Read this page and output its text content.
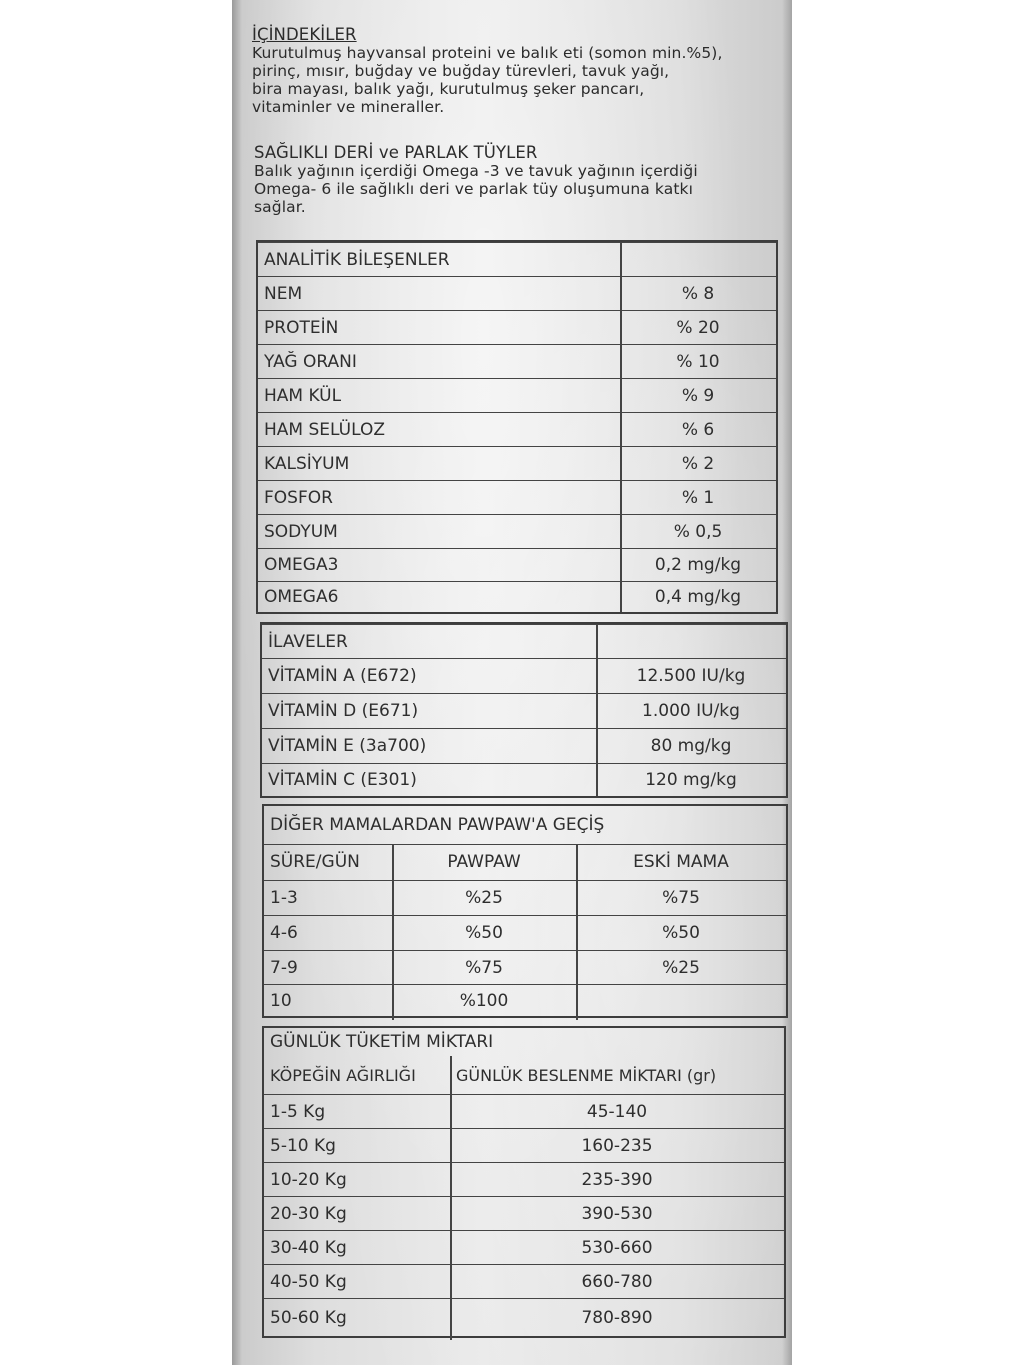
İÇİNDEKİLER
Kurutulmuş hayvansal proteini ve balık eti (somon min.%5),
pirinç, mısır, buğday ve buğday türevleri, tavuk yağı,
bira mayası, balık yağı, kurutulmuş şeker pancarı,
vitaminler ve mineraller.
SAĞLIKLI DERİ ve PARLAK TÜYLER
Balık yağının içerdiği Omega -3 ve tavuk yağının içerdiği
Omega- 6 ile sağlıklı deri ve parlak tüy oluşumuna katkı
sağlar.
ANALİTİK BİLEŞENLER
NEM	% 8
PROTEİN	% 20
YAĞ ORANI	% 10
HAM KÜL	% 9
HAM SELÜLOZ	% 6
KALSİYUM	% 2
FOSFOR	% 1
SODYUM	% 0,5
OMEGA3	0,2 mg/kg
OMEGA6	0,4 mg/kg
İLAVELER
VİTAMİN A (E672)	12.500 IU/kg
VİTAMİN D (E671)	1.000 IU/kg
VİTAMİN E (3a700)	80 mg/kg
VİTAMİN C (E301)	120 mg/kg
DİĞER MAMALARDAN PAWPAW'A GEÇİŞ
SÜRE/GÜN	PAWPAW	ESKİ MAMA
1-3	%25	%75
4-6	%50	%50
7-9	%75	%25
10	%100
GÜNLÜK TÜKETİM MİKTARI
KÖPEĞİN AĞIRLIĞI	GÜNLÜK BESLENME MİKTARI (gr)
1-5 Kg	45-140
5-10 Kg	160-235
10-20 Kg	235-390
20-30 Kg	390-530
30-40 Kg	530-660
40-50 Kg	660-780
50-60 Kg	780-890
